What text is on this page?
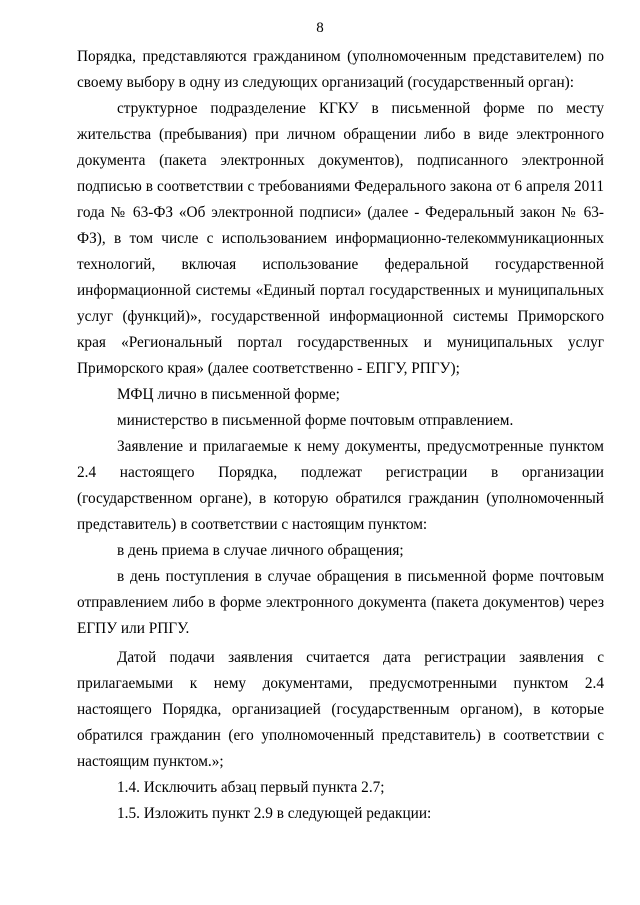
8

Порядка, представляются гражданином (уполномоченным представителем) по своему выбору в одну из следующих организаций (государственный орган):

структурное подразделение КГКУ в письменной форме по месту жительства (пребывания) при личном обращении либо в виде электронного документа (пакета электронных документов), подписанного электронной подписью в соответствии с требованиями Федерального закона от 6 апреля 2011 года № 63-ФЗ «Об электронной подписи» (далее - Федеральный закон № 63-ФЗ), в том числе с использованием информационно-телекоммуникационных технологий, включая использование федеральной государственной информационной системы «Единый портал государственных и муниципальных услуг (функций)», государственной информационной системы Приморского края «Региональный портал государственных и муниципальных услуг Приморского края» (далее соответственно - ЕПГУ, РПГУ);

МФЦ лично в письменной форме;

министерство в письменной форме почтовым отправлением.

Заявление и прилагаемые к нему документы, предусмотренные пунктом 2.4 настоящего Порядка, подлежат регистрации в организации (государственном органе), в которую обратился гражданин (уполномоченный представитель) в соответствии с настоящим пунктом:

в день приема в случае личного обращения;

в день поступления в случае обращения в письменной форме почтовым отправлением либо в форме электронного документа (пакета документов) через ЕГПУ или РПГУ.

Датой подачи заявления считается дата регистрации заявления с прилагаемыми к нему документами, предусмотренными пунктом 2.4 настоящего Порядка, организацией (государственным органом), в которые обратился гражданин (его уполномоченный представитель) в соответствии с настоящим пунктом.»;

1.4. Исключить абзац первый пункта 2.7;

1.5. Изложить пункт 2.9 в следующей редакции:
